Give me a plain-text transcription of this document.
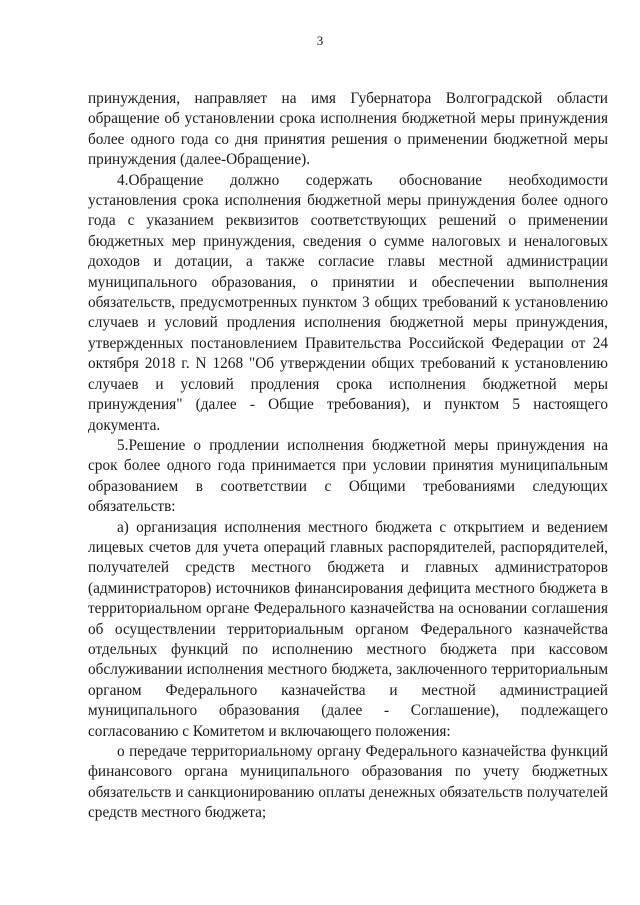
3

принуждения, направляет на имя Губернатора Волгоградской области обращение об установлении срока исполнения бюджетной меры принуждения более одного года со дня принятия решения о применении бюджетной меры принуждения (далее-Обращение).

4.Обращение должно содержать обоснование необходимости установления срока исполнения бюджетной меры принуждения более одного года с указанием реквизитов соответствующих решений о применении бюджетных мер принуждения, сведения о сумме налоговых и неналоговых доходов и дотации, а также согласие главы местной администрации муниципального образования, о принятии и обеспечении выполнения обязательств, предусмотренных пунктом 3 общих требований к установлению случаев и условий продления исполнения бюджетной меры принуждения, утвержденных постановлением Правительства Российской Федерации от 24 октября 2018 г. N 1268 "Об утверждении общих требований к установлению случаев и условий продления срока исполнения бюджетной меры принуждения" (далее - Общие требования), и пунктом 5 настоящего документа.

5.Решение о продлении исполнения бюджетной меры принуждения на срок более одного года принимается при условии принятия муниципальным образованием в соответствии с Общими требованиями следующих обязательств:

а) организация исполнения местного бюджета с открытием и ведением лицевых счетов для учета операций главных распорядителей, распорядителей, получателей средств местного бюджета и главных администраторов (администраторов) источников финансирования дефицита местного бюджета в территориальном органе Федерального казначейства на основании соглашения об осуществлении территориальным органом Федерального казначейства отдельных функций по исполнению местного бюджета при кассовом обслуживании исполнения местного бюджета, заключенного территориальным органом Федерального казначейства и местной администрацией муниципального образования (далее - Соглашение), подлежащего согласованию с Комитетом и включающего положения:

о передаче территориальному органу Федерального казначейства функций финансового органа муниципального образования по учету бюджетных обязательств и санкционированию оплаты денежных обязательств получателей средств местного бюджета;
